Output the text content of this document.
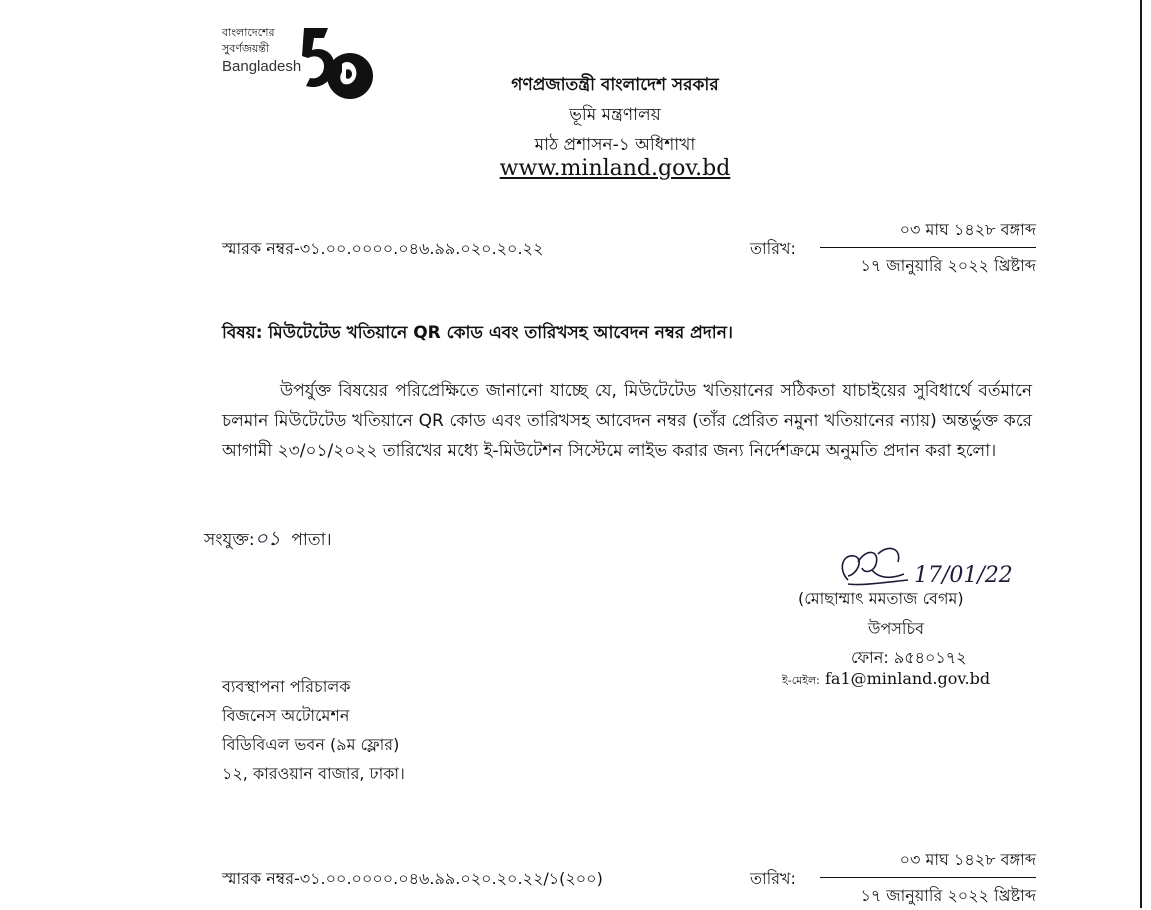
বাংলাদেশের
সুবর্ণজয়ন্তী
Bangladesh
গণপ্রজাতন্ত্রী বাংলাদেশ সরকার
ভূমি মন্ত্রণালয়
মাঠ প্রশাসন-১ অধিশাখা
www.minland.gov.bd
স্মারক নম্বর-৩১.০০.০০০০.০৪৬.৯৯.০২০.২০.২২	তারিখ:
০৩ মাঘ ১৪২৮ বঙ্গাব্দ
১৭ জানুয়ারি ২০২২ খ্রিষ্টাব্দ
বিষয়: মিউটেটেড খতিয়ানে QR কোড এবং তারিখসহ আবেদন নম্বর প্রদান।

উপর্যুক্ত বিষয়ের পরিপ্রেক্ষিতে জানানো যাচ্ছে যে, মিউটেটেড খতিয়ানের সঠিকতা যাচাইয়ের সুবিধার্থে বর্তমানে চলমান মিউটেটেড খতিয়ানে QR কোড এবং তারিখসহ আবেদন নম্বর (তাঁর প্রেরিত নমুনা খতিয়ানের ন্যায়) অন্তর্ভুক্ত করে আগামী ২৩/০১/২০২২ তারিখের মধ্যে ই-মিউটেশন সিস্টেমে লাইভ করার জন্য নির্দেশক্রমে অনুমতি প্রদান করা হলো।

সংযুক্ত:০১ পাতা।
17/01/22
(মোছাম্মাৎ মমতাজ বেগম)
উপসচিব
ফোন: ৯৫৪০১৭২
ই-মেইল: fa1@minland.gov.bd
ব্যবস্থাপনা পরিচালক
বিজনেস অটোমেশন
বিডিবিএল ভবন (৯ম ফ্লোর)
১২, কারওয়ান বাজার, ঢাকা।
স্মারক নম্বর-৩১.০০.০০০০.০৪৬.৯৯.০২০.২০.২২/১(২০০)	তারিখ:
০৩ মাঘ ১৪২৮ বঙ্গাব্দ
১৭ জানুয়ারি ২০২২ খ্রিষ্টাব্দ
